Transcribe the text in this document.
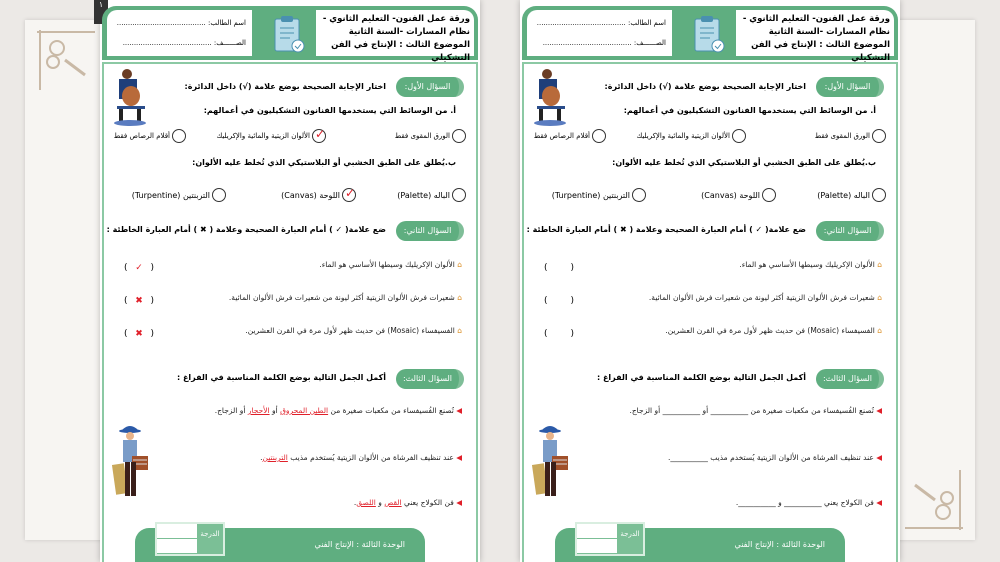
١
اسم الطالب: ........................................
الصــــــف: ........................................
ورقة عمل الفنون- التعليم الثانوي -
نظام المسارات -السنة الثانية
الموضوع الثالث : الإنتاج في الفن التشكيلي
السؤال الأول:
اختار الإجابة الصحيحة بوضع علامة (√) داخل الدائرة:
أ. من الوسائط التي يستخدمها الفنانون التشكيليون في أعمالهم:
الورق المقوى فقط
✓
الألوان الزيتية والمائية والإكريليك
أقلام الرصاص فقط
ب.يُطلق على الطبق الخشبي أو البلاستيكي الذي تُخلط عليه الألوان:
الباله (Palette)
✓
اللوحة (Canvas)
التربنتين (Turpentine)
السؤال الثاني:
ضع علامة( ✓ ) أمام العبارة الصحيحة وعلامة ( ✖ ) أمام العبارة الخاطئة :
⌂ الألوان الإكريليك وسيطها الأساسي هو الماء.
( ✓ )
⌂ شعيرات فرش الألوان الزيتية أكثر ليونة من شعيرات فرش الألوان المائية.
( ✖ )
⌂ الفسيفساء (Mosaic) فن حديث ظهر لأول مرة في القرن العشرين.
( ✖ )
السؤال الثالث:
أكمل الجمل التالية بوضع الكلمة المناسبة في الفراغ :
◀ تُصنع الفُسيفساء من مكعبات صغيرة من الطين المحروق أو الأحجار أو الزجاج.
◀ عند تنظيف الفرشاة من الألوان الزيتية يُستخدم مذيب التربنتين.
◀ فن الكولاج يعني القص و اللصق.
الدرجة
الوحدة الثالثة : الإنتاج الفني
اسم الطالب: ........................................
الصــــــف: ........................................
ورقة عمل الفنون- التعليم الثانوي -
نظام المسارات -السنة الثانية
الموضوع الثالث : الإنتاج في الفن التشكيلي
السؤال الأول:
اختار الإجابة الصحيحة بوضع علامة (√) داخل الدائرة:
أ. من الوسائط التي يستخدمها الفنانون التشكيليون في أعمالهم:
الورق المقوى فقط
الألوان الزيتية والمائية والإكريليك
أقلام الرصاص فقط
ب.يُطلق على الطبق الخشبي أو البلاستيكي الذي تُخلط عليه الألوان:
الباله (Palette)
اللوحة (Canvas)
التربنتين (Turpentine)
السؤال الثاني:
ضع علامة( ✓ ) أمام العبارة الصحيحة وعلامة ( ✖ ) أمام العبارة الخاطئة :
⌂ الألوان الإكريليك وسيطها الأساسي هو الماء.
(	)
⌂ شعيرات فرش الألوان الزيتية أكثر ليونة من شعيرات فرش الألوان المائية.
(	)
⌂ الفسيفساء (Mosaic) فن حديث ظهر لأول مرة في القرن العشرين.
(	)
السؤال الثالث:
أكمل الجمل التالية بوضع الكلمة المناسبة في الفراغ :
◀ تُصنع الفُسيفساء من مكعبات صغيرة من __________ أو __________ أو الزجاج.
◀ عند تنظيف الفرشاة من الألوان الزيتية يُستخدم مذيب __________.
◀ فن الكولاج يعني __________ و __________.
الدرجة
الوحدة الثالثة : الإنتاج الفني
